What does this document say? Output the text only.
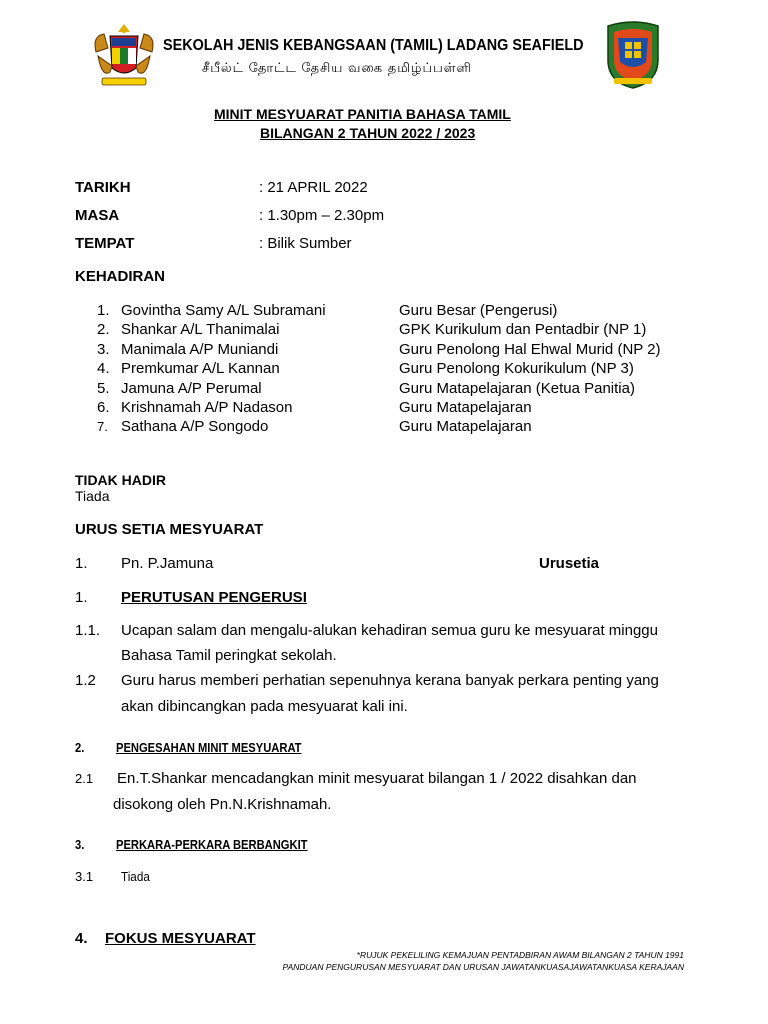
SEKOLAH JENIS KEBANGSAAN (TAMIL) LADANG SEAFIELD
சீபீல்ட் தோட்ட தேசிய வகை தமிழ்ப்பள்ளி
MINIT MESYUARAT PANITIA BAHASA TAMIL
BILANGAN 2 TAHUN 2022 / 2023
TARIKH	: 21 APRIL 2022
MASA	: 1.30pm – 2.30pm
TEMPAT	: Bilik Sumber
KEHADIRAN
1. Govintha Samy A/L Subramani	Guru Besar (Pengerusi)
2. Shankar A/L Thanimalai	GPK Kurikulum dan Pentadbir (NP 1)
3. Manimala A/P Muniandi	Guru Penolong Hal Ehwal Murid (NP 2)
4. Premkumar A/L Kannan	Guru Penolong Kokurikulum (NP 3)
5. Jamuna A/P Perumal	Guru Matapelajaran (Ketua Panitia)
6. Krishnamah A/P Nadason	Guru Matapelajaran
7. Sathana A/P Songodo	Guru Matapelajaran
TIDAK HADIR
Tiada
URUS SETIA MESYUARAT
1. Pn. P.Jamuna	Urusetia
1. PERUTUSAN PENGERUSI
1.1. Ucapan salam dan mengalu-alukan kehadiran semua guru ke mesyuarat minggu
Bahasa Tamil peringkat sekolah.
1.2 Guru harus memberi perhatian sepenuhnya kerana banyak perkara penting yang
akan dibincangkan pada mesyuarat kali ini.
2. PENGESAHAN MINIT MESYUARAT
2.1 En.T.Shankar mencadangkan minit mesyuarat bilangan 1 / 2022 disahkan dan
disokong oleh Pn.N.Krishnamah.
3. PERKARA-PERKARA BERBANGKIT
3.1 Tiada
4. FOKUS MESYUARAT
*RUJUK PEKELILING KEMAJUAN PENTADBIRAN AWAM BILANGAN 2 TAHUN 1991
PANDUAN PENGURUSAN MESYUARAT DAN URUSAN JAWATANKUASAJAWATANKUASA KERAJAAN
